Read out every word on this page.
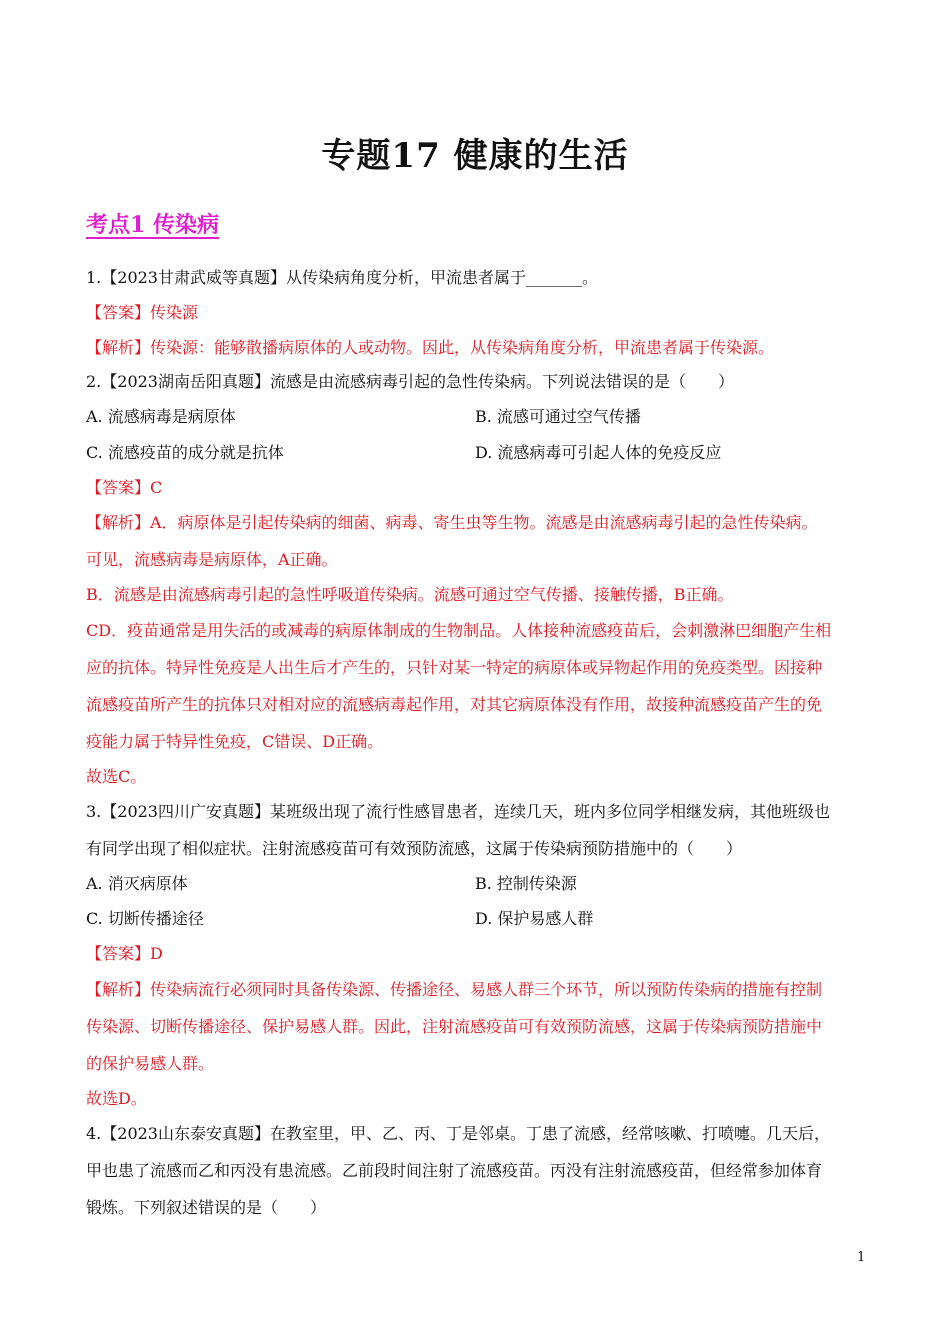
专题17 健康的生活
考点1 传染病
1.【2023甘肃武威等真题】从传染病角度分析，甲流患者属于_______。
【答案】传染源
【解析】传染源：能够散播病原体的人或动物。因此，从传染病角度分析，甲流患者属于传染源。
2.【2023湖南岳阳真题】流感是由流感病毒引起的急性传染病。下列说法错误的是（　　）
A. 流感病毒是病原体	B. 流感可通过空气传播
C. 流感疫苗的成分就是抗体	D. 流感病毒可引起人体的免疫反应
【答案】C
【解析】A．病原体是引起传染病的细菌、病毒、寄生虫等生物。流感是由流感病毒引起的急性传染病。
可见，流感病毒是病原体，A正确。
B．流感是由流感病毒引起的急性呼吸道传染病。流感可通过空气传播、接触传播，B正确。
CD．疫苗通常是用失活的或减毒的病原体制成的生物制品。人体接种流感疫苗后，会刺激淋巴细胞产生相
应的抗体。特异性免疫是人出生后才产生的，只针对某一特定的病原体或异物起作用的免疫类型。因接种
流感疫苗所产生的抗体只对相对应的流感病毒起作用，对其它病原体没有作用，故接种流感疫苗产生的免
疫能力属于特异性免疫，C错误、D正确。
故选C。
3.【2023四川广安真题】某班级出现了流行性感冒患者，连续几天，班内多位同学相继发病，其他班级也
有同学出现了相似症状。注射流感疫苗可有效预防流感，这属于传染病预防措施中的（　　）
A. 消灭病原体	B. 控制传染源
C. 切断传播途径	D. 保护易感人群
【答案】D
【解析】传染病流行必须同时具备传染源、传播途径、易感人群三个环节，所以预防传染病的措施有控制
传染源、切断传播途径、保护易感人群。因此，注射流感疫苗可有效预防流感，这属于传染病预防措施中
的保护易感人群。
故选D。
4.【2023山东泰安真题】在教室里，甲、乙、丙、丁是邻桌。丁患了流感，经常咳嗽、打喷嚏。几天后，
甲也患了流感而乙和丙没有患流感。乙前段时间注射了流感疫苗。丙没有注射流感疫苗，但经常参加体育
锻炼。下列叙述错误的是（　　）
1
